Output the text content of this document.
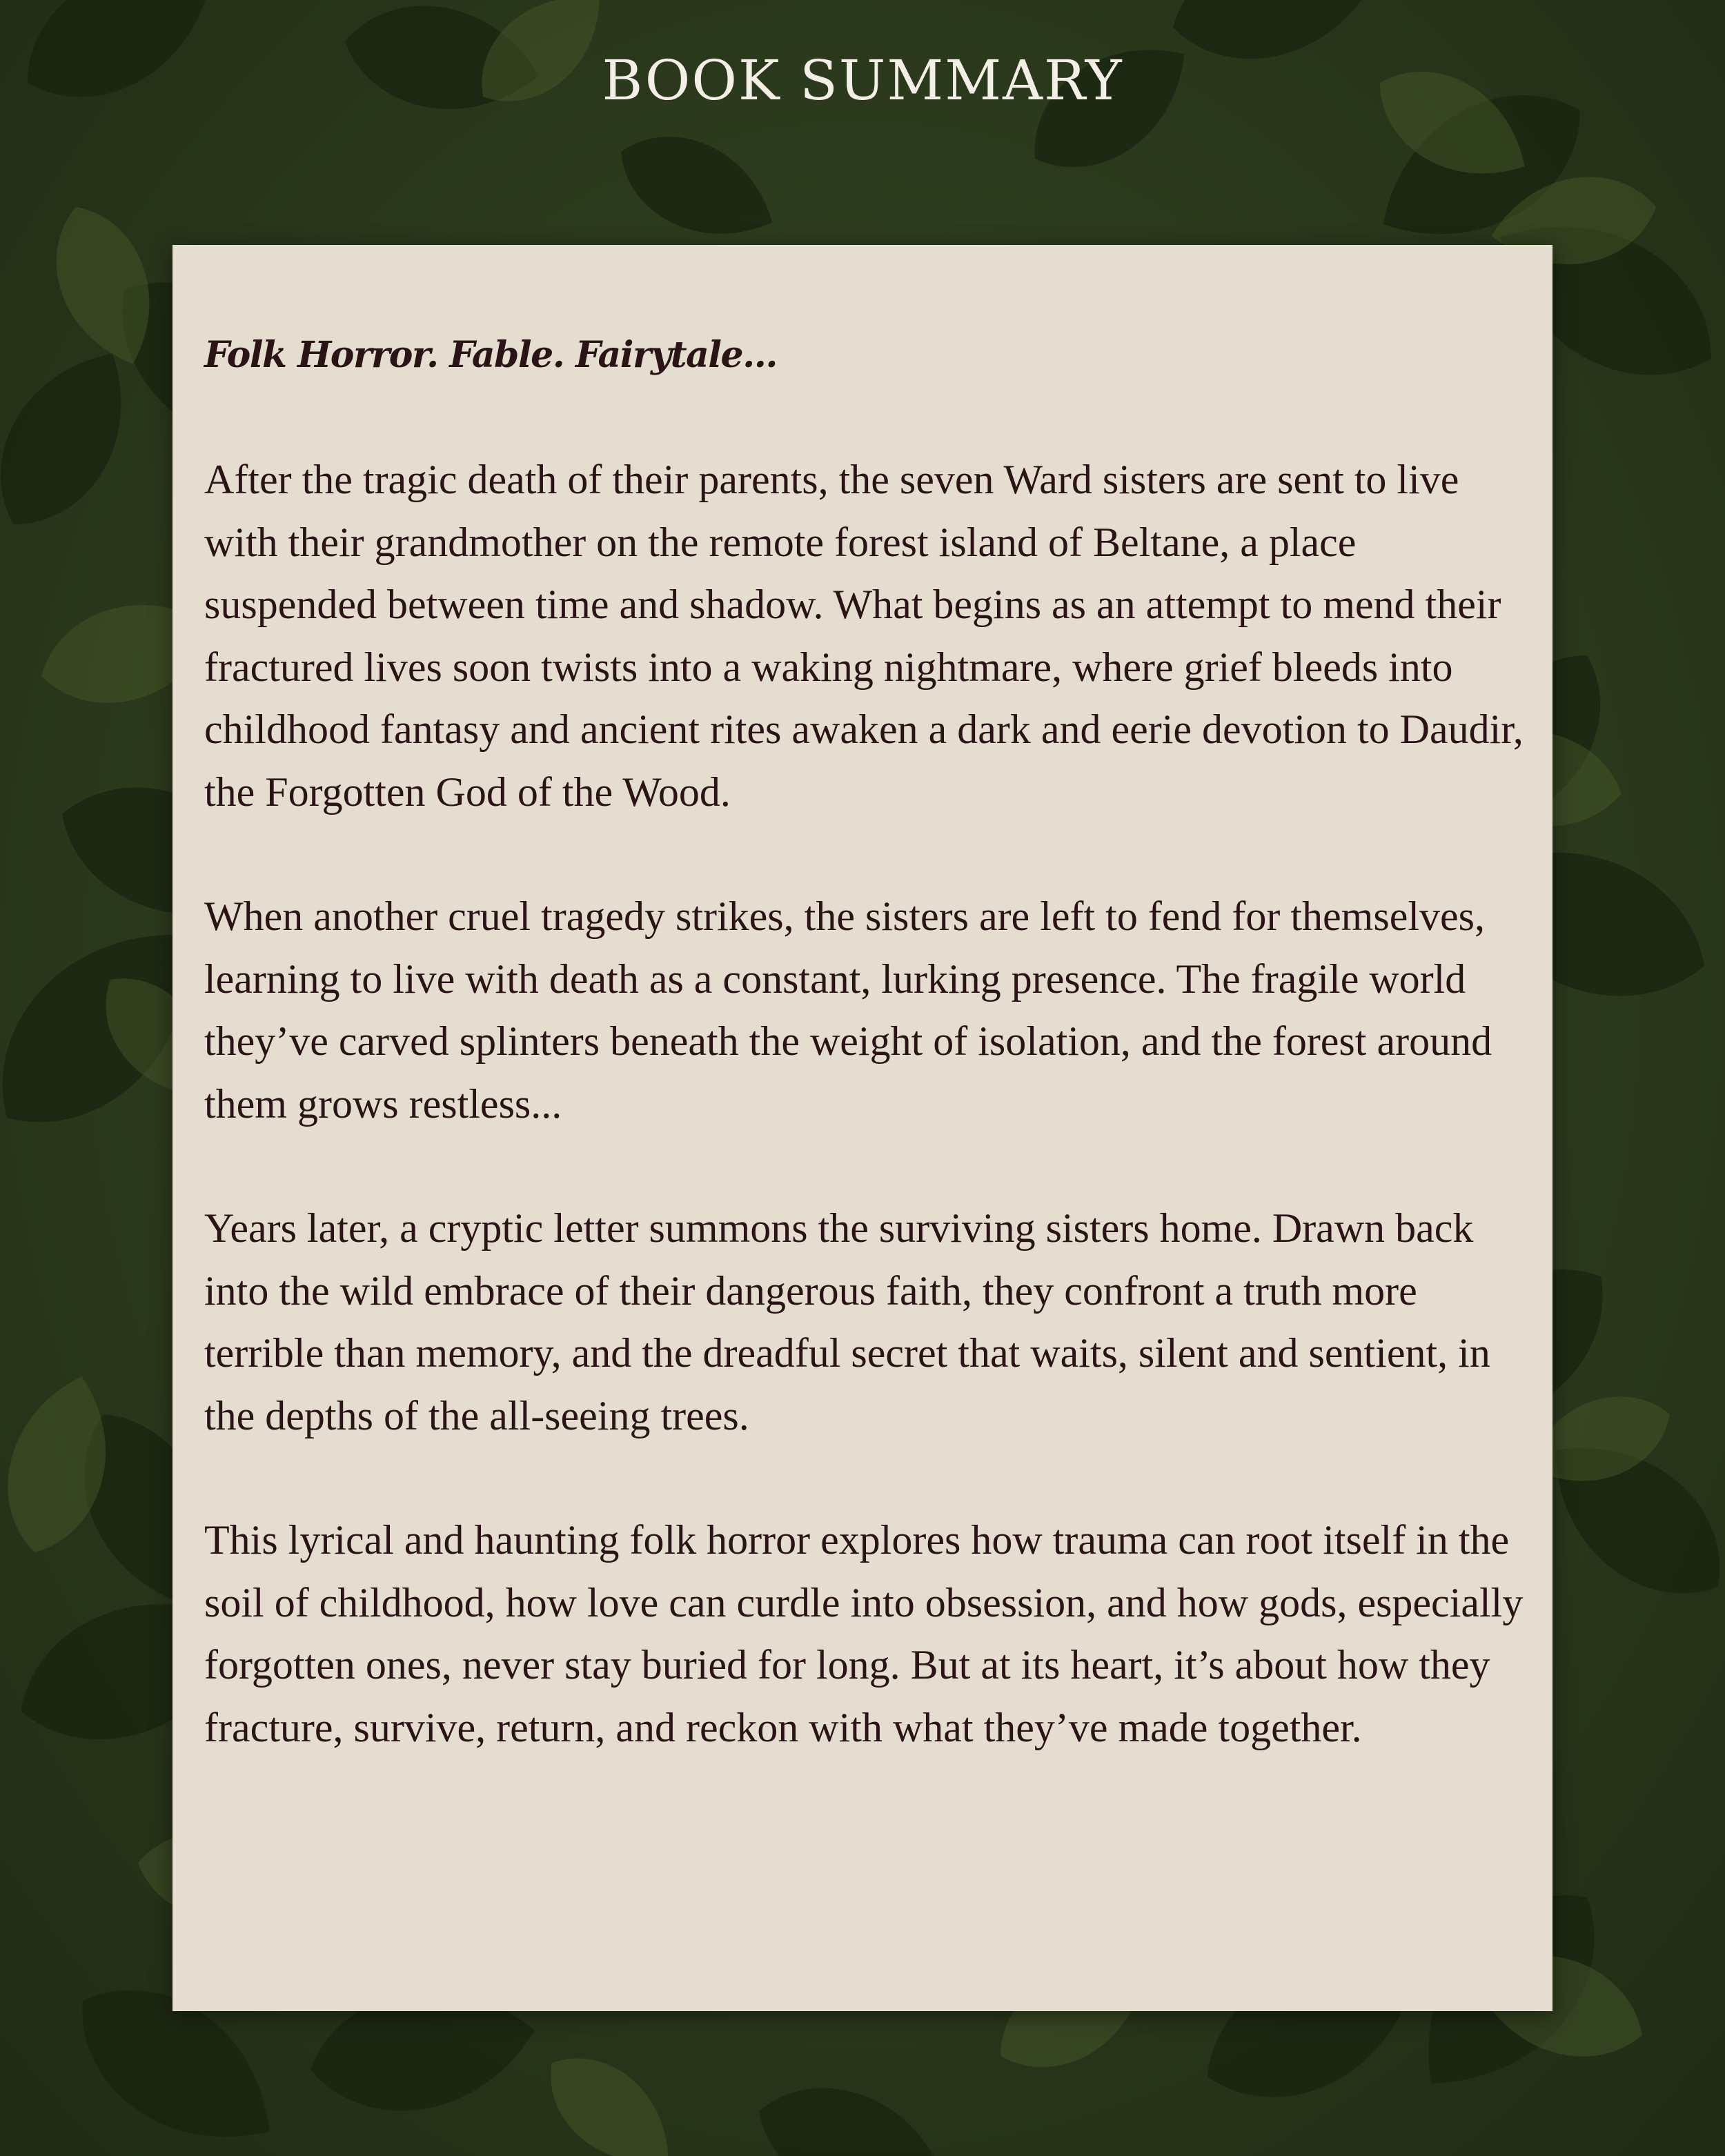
BOOK SUMMARY

Folk Horror. Fable. Fairytale...

After the tragic death of their parents, the seven Ward sisters are sent to live with their grandmother on the remote forest island of Beltane, a place suspended between time and shadow. What begins as an attempt to mend their fractured lives soon twists into a waking nightmare, where grief bleeds into childhood fantasy and ancient rites awaken a dark and eerie devotion to Daudir, the Forgotten God of the Wood.

When another cruel tragedy strikes, the sisters are left to fend for themselves, learning to live with death as a constant, lurking presence. The fragile world they’ve carved splinters beneath the weight of isolation, and the forest around them grows restless...

Years later, a cryptic letter summons the surviving sisters home. Drawn back into the wild embrace of their dangerous faith, they confront a truth more terrible than memory, and the dreadful secret that waits, silent and sentient, in the depths of the all-seeing trees.

This lyrical and haunting folk horror explores how trauma can root itself in the soil of childhood, how love can curdle into obsession, and how gods, especially forgotten ones, never stay buried for long. But at its heart, it’s about how they fracture, survive, return, and reckon with what they’ve made together.
